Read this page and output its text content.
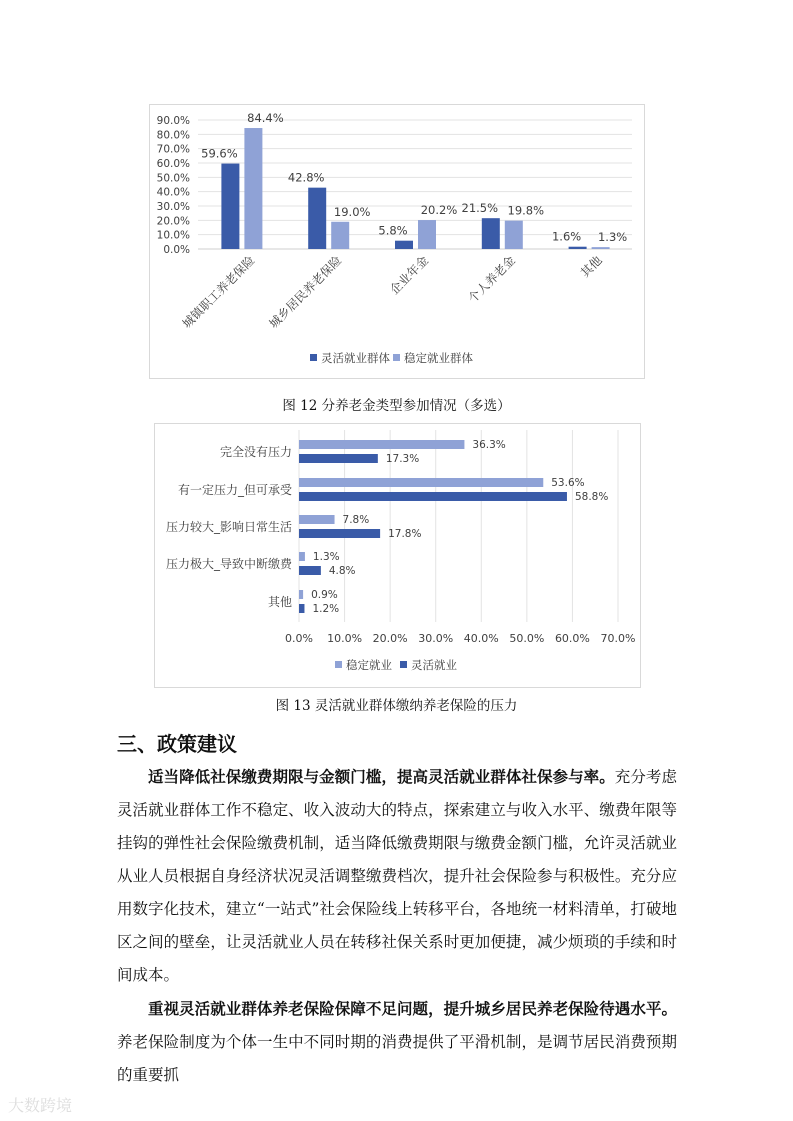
0.0%
10.0%
20.0%
30.0%
40.0%
50.0%
60.0%
70.0%
80.0%
90.0%
59.6%
84.4%
城镇职工养老保险
42.8%
19.0%
城乡居民养老保险
5.8%
20.2%
企业年金
21.5% 19.8%
个人养老金
1.6% 1.3%
其他
灵活就业群体 稳定就业群体
图 12 分养老金类型参加情况（多选）
0.0% 10.0% 20.0% 30.0% 40.0% 50.0% 60.0% 70.0%
完全没有压力	36.3%
17.3%
有一定压力_但可承受	53.6%
58.8%
压力较大_影响日常生活	7.8%
17.8%
压力极大_导致中断缴费 1.3%
4.8%
其他 0.9%
1.2%
稳定就业 灵活就业
图 13 灵活就业群体缴纳养老保险的压力
三、政策建议

适当降低社保缴费期限与金额门槛，提高灵活就业群体社保参与率。充分考虑灵活就业群体工作不稳定、收入波动大的特点，探索建立与收入水平、缴费年限等挂钩的弹性社会保险缴费机制，适当降低缴费期限与缴费金额门槛，允许灵活就业从业人员根据自身经济状况灵活调整缴费档次，提升社会保险参与积极性。充分应用数字化技术，建立“一站式”社会保险线上转移平台，各地统一材料清单，打破地区之间的壁垒，让灵活就业人员在转移社保关系时更加便捷，减少烦琐的手续和时间成本。

重视灵活就业群体养老保险保障不足问题，提升城乡居民养老保险待遇水平。养老保险制度为个体一生中不同时期的消费提供了平滑机制，是调节居民消费预期的重要抓

大数跨境
